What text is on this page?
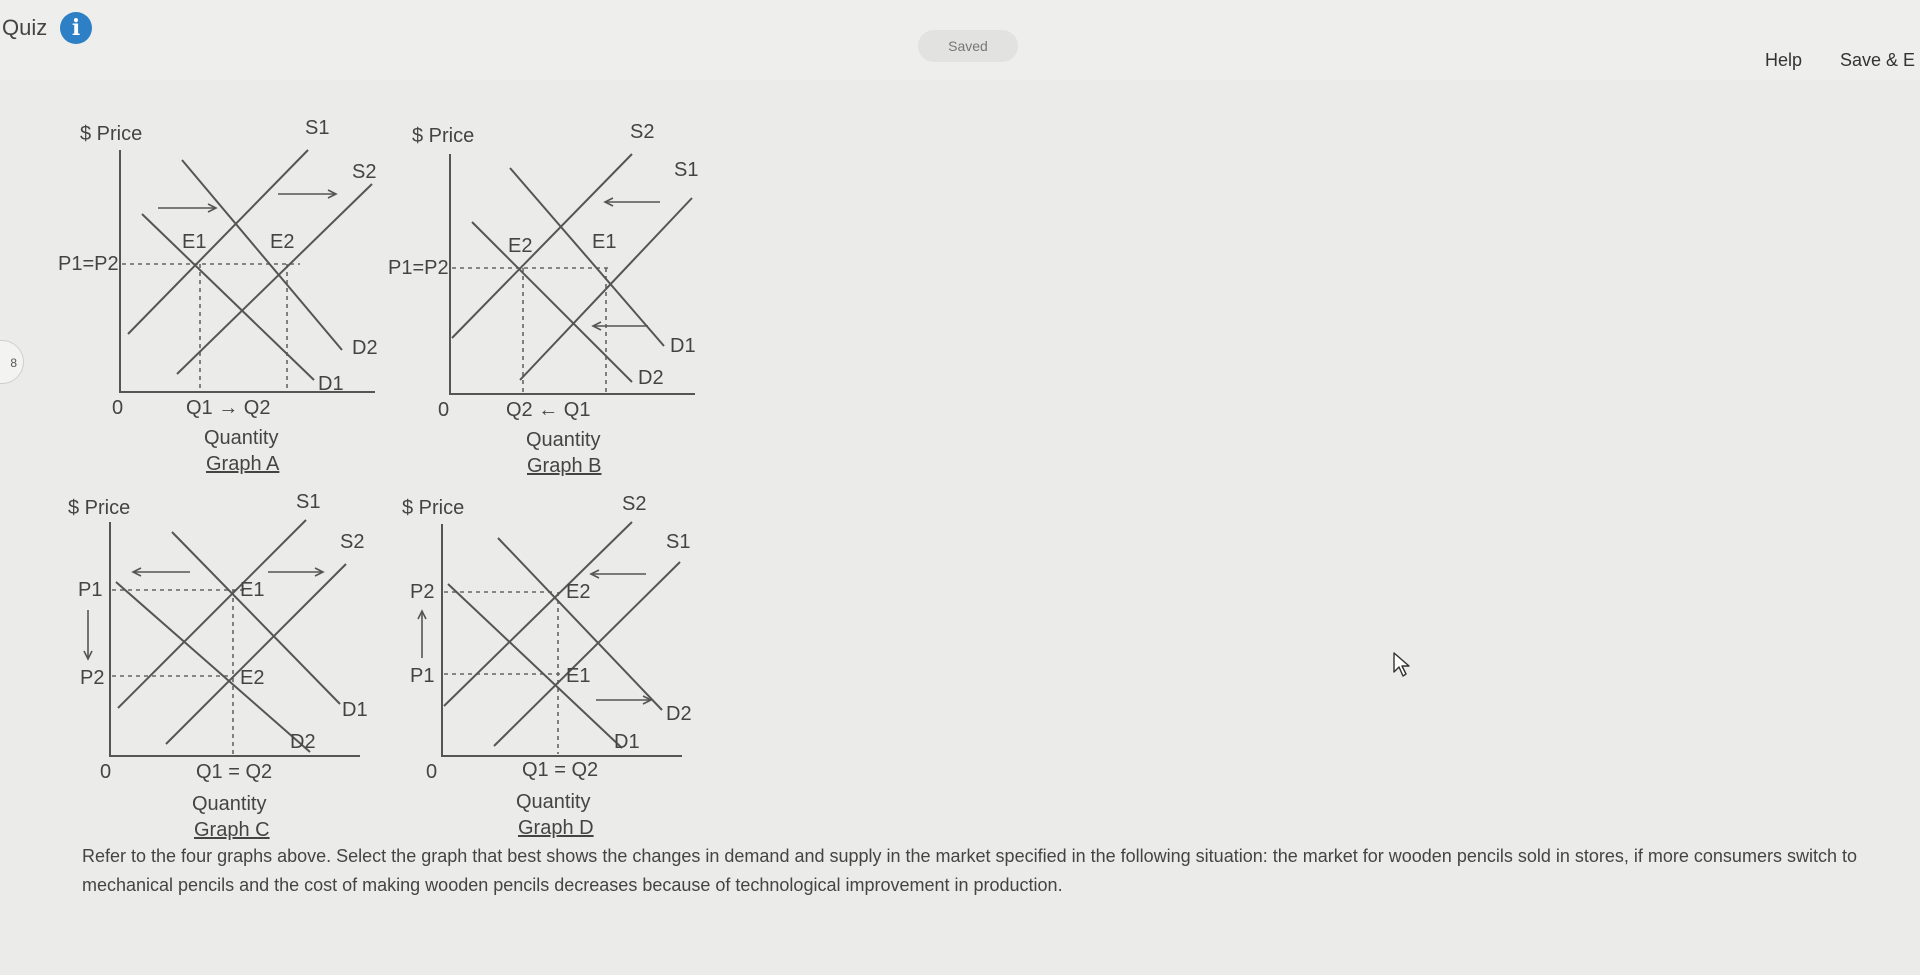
Quiz	i
Saved
Help Save & E
8
$ Price	S1
S2
D1
D2
E1	E2
P1=P2
0	Q1 → Q2
Quantity
Graph A
$ Price	S2
S1
D1
D2
E2	E1
P1=P2
0	Q2 ← Q1
Quantity
Graph B
$ Price	S1
S2
D1
D2
E1
E2
P1
P2
0	Q1 = Q2
Quantity
Graph C
$ Price	S2
S1
D1
D2
E2
E1
P2
P1
0	Q1 = Q2
Quantity
Graph D
Refer to the four graphs above. Select the graph that best shows the changes in demand and supply in the market specified in the following situation: the market for wooden pencils sold in stores, if more consumers switch to mechanical pencils and the cost of making wooden pencils decreases because of technological improvement in production.
